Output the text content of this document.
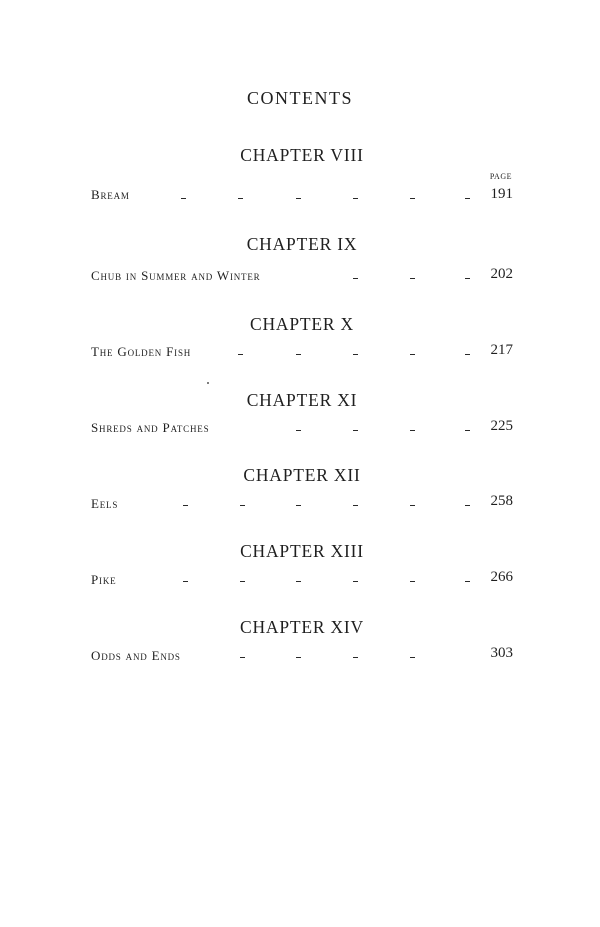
CONTENTS
PAGE
CHAPTER VIII
Bream	191
CHAPTER IX
Chub in Summer and Winter	202
CHAPTER X
The Golden Fish	217
CHAPTER XI
Shreds and Patches	225
CHAPTER XII
Eels	258
CHAPTER XIII
Pike	266
CHAPTER XIV
Odds and Ends	303
